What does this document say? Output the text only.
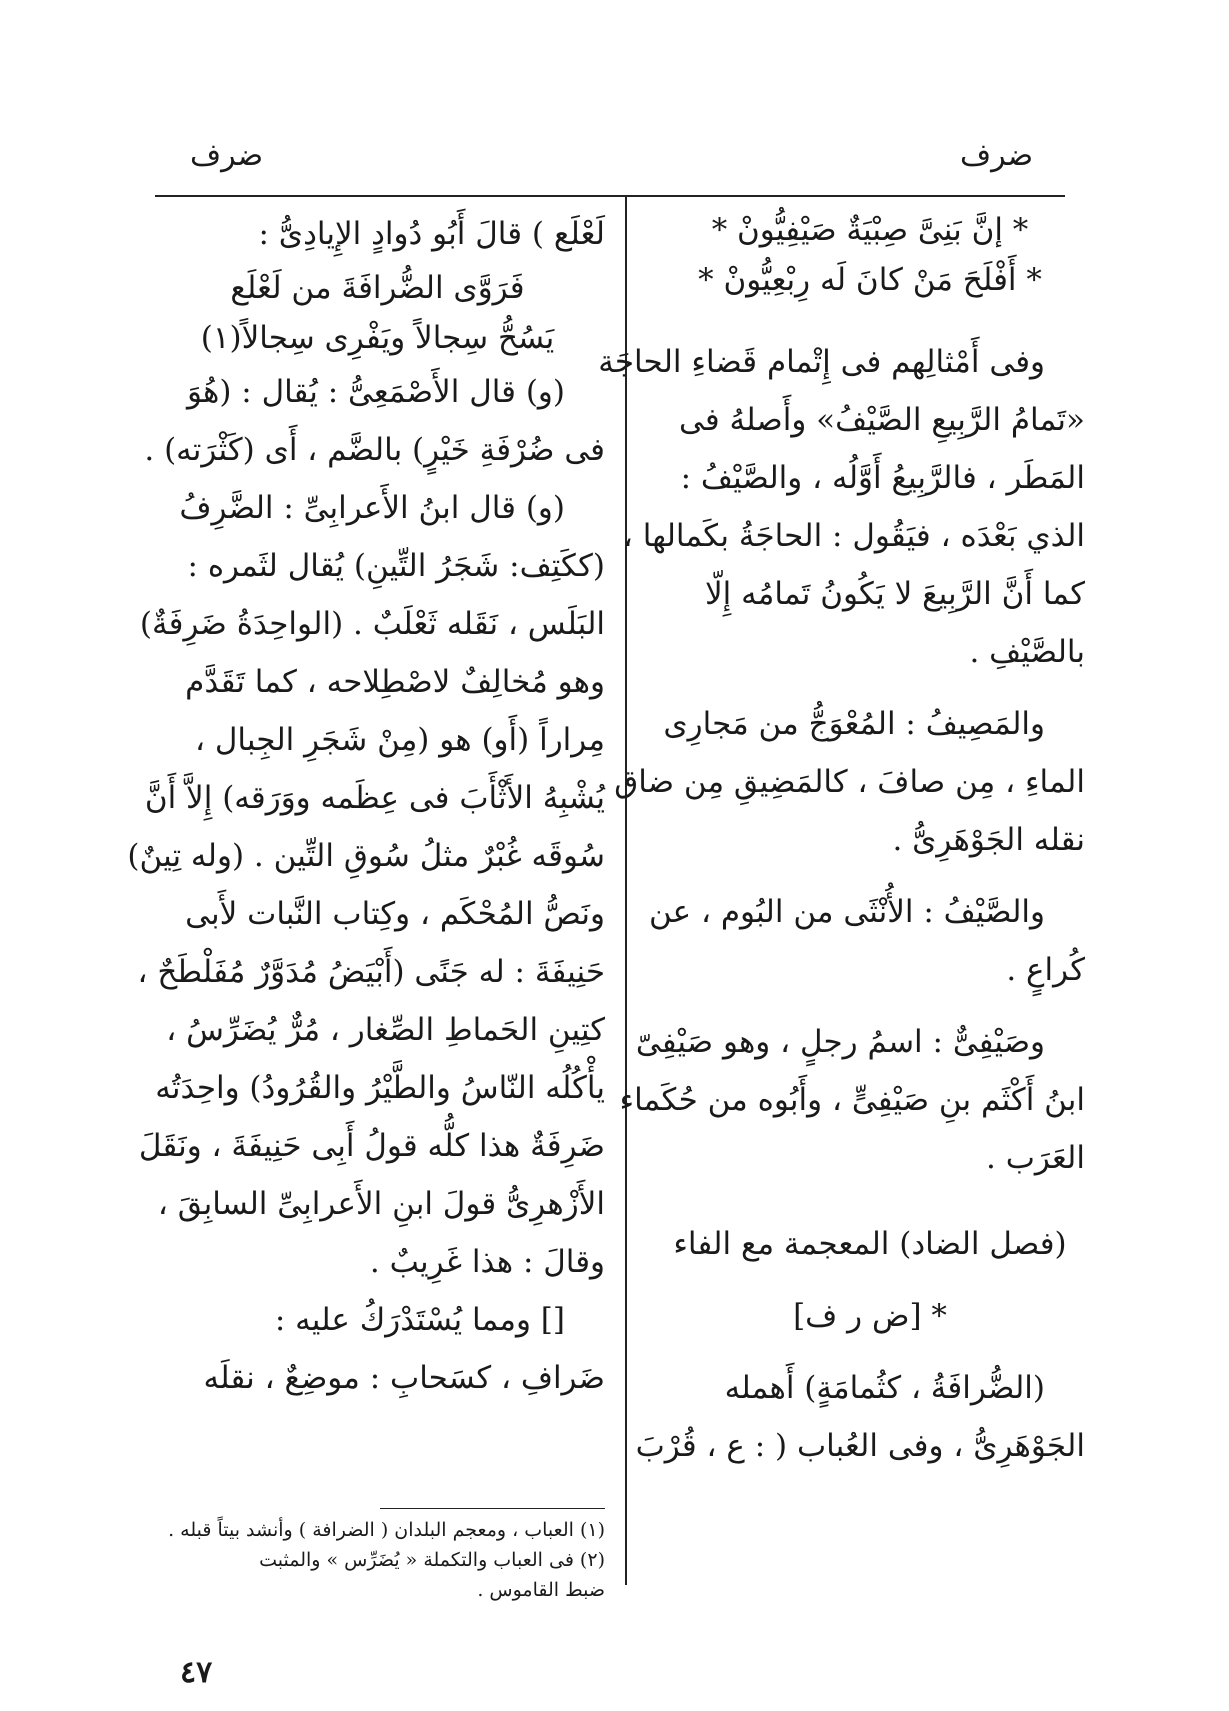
ضرف
ضرف
* إنَّ بَنِىَّ صِبْيَةٌ صَيْفِيُّونْ *
* أَفْلَحَ مَنْ كانَ لَه رِبْعِيُّونْ *
وفى أَمْثالِهم فى إِتْمام قَضاءِ الحاجَة
«تَمامُ الرَّبِيعِ الصَّيْفُ» وأَصلهُ فى
المَطَر ، فالرَّبِيعُ أَوَّلُه ، والصَّيْفُ :
الذي بَعْدَه ، فيَقُول : الحاجَةُ بكَمالها ،
كما أَنَّ الرَّبِيعَ لا يَكُونُ تَمامُه إِلّا
بالصَّيْفِ .
والمَصِيفُ : المُعْوَجُّ من مَجارِى
الماءِ ، مِن صافَ ، كالمَضِيقِ مِن ضاق
نقله الجَوْهَرِىُّ .
والصَّيْفُ : الأُنْثَى من البُوم ، عن
كُراعٍ .
وصَيْفِىٌّ : اسمُ رجلٍ ، وهو صَيْفِىّ
ابنُ أَكْثَم بنِ صَيْفِىٍّ ، وأَبُوه من حُكَماء
العَرَب .
(فصل الضاد) المعجمة مع الفاء
* [ض ر ف]
(الضُّرافَةُ ، كثُمامَةٍ) أَهمله
الجَوْهَرِىُّ ، وفى العُباب ( : ع ، قُرْبَ
لَعْلَع ) قالَ أَبُو دُوادٍ الإِيادِىُّ :
فَرَوَّى الضُّرافَةَ من لَعْلَع
يَسُحُّ سِجالاً ويَفْرِى سِجالاً(١)
(و) قال الأَصْمَعِىُّ : يُقال : (هُوَ
فى ضُرْفَةِ خَيْرٍ) بالضَّم ، أَى (كَثْرَته) .
(و) قال ابنُ الأَعرابِىِّ : الضَّرِفُ
(ككَتِف: شَجَرُ التِّينِ) يُقال لثَمره :
البَلَس ، نَقَله ثَعْلَبٌ . (الواحِدَةُ ضَرِفَةٌ)
وهو مُخالِفٌ لاصْطِلاحه ، كما تَقَدَّم
مِراراً (أَو) هو (مِنْ شَجَرِ الجِبال ،
يُشْبِهُ الأَثْأَبَ فى عِظَمه ووَرَقه) إِلاَّ أَنَّ
سُوقَه غُبْرٌ مثلُ سُوقِ التِّين . (وله تِينٌ)
ونَصُّ المُحْكَم ، وكِتاب النَّبات لأَبى
حَنِيفَةَ : له جَنًى (أَبْيَضُ مُدَوَّرٌ مُفَلْطَحٌ ،
كتِينِ الحَماطِ الصِّغار ، مُرٌّ يُضَرِّسُ ،
يأْكُلُه النّاسُ والطَّيْرُ والقُرُودُ) واحِدَتُه
ضَرِفَةٌ هذا كلُّه قولُ أَبِى حَنِيفَةَ ، ونَقَلَ
الأَزْهرِىُّ قولَ ابنِ الأَعرابِىِّ السابِقَ ،
وقالَ : هذا غَرِيبٌ .
[] ومما يُسْتَدْرَكُ عليه :
ضَرافِ ، كسَحابِ : موضِعٌ ، نقلَه
(١) العباب ، ومعجم البلدان ( الضرافة ) وأنشد بيتاً قبله .
(٢) فى العباب والتكملة « يُضَرِّس » والمثبت
ضبط القاموس .
٤٧
